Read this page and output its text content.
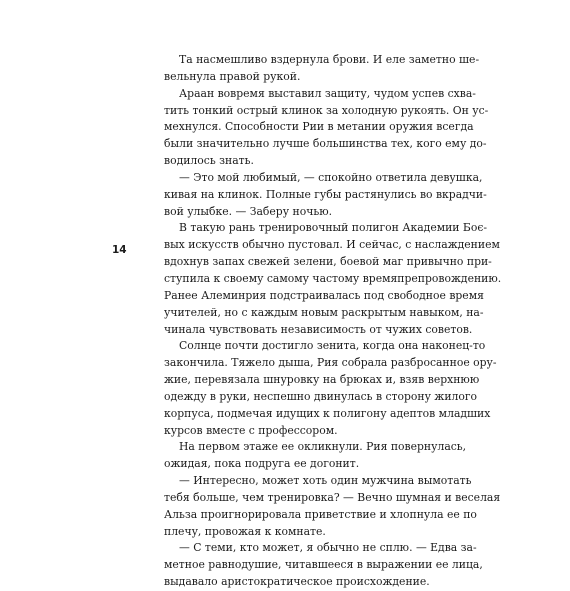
14
Та насмешливо вздернула брови. И еле заметно ше-
вельнула правой рукой.
Араан вовремя выставил защиту, чудом успев схва-
тить тонкий острый клинок за холодную рукоять. Он ус-
мехнулся. Способности Рии в метании оружия всегда
были значительно лучше большинства тех, кого ему до-
водилось знать.
— Это мой любимый, — спокойно ответила девушка,
кивая на клинок. Полные губы растянулись во вкрадчи-
вой улыбке. — Заберу ночью.
В такую рань тренировочный полигон Академии Боє-
вых искусств обычно пустовал. И сейчас, с наслаждением
вдохнув запах свежей зелени, боевой маг привычно при-
ступила к своему самому частому времяпрепровождению.
Ранее Алеминрия подстраивалась под свободное время
учителей, но с каждым новым раскрытым навыком, на-
чинала чувствовать независимость от чужих советов.
Солнце почти достигло зенита, когда она наконец-то
закончила. Тяжело дыша, Рия собрала разбросанное ору-
жие, перевязала шнуровку на брюках и, взяв верхнюю
одежду в руки, неспешно двинулась в сторону жилого
корпуса, подмечая идущих к полигону адептов младших
курсов вместе с профессором.
На первом этаже ее окликнули. Рия повернулась,
ожидая, пока подруга ее догонит.
— Интересно, может хоть один мужчина вымотать
тебя больше, чем тренировка? — Вечно шумная и веселая
Альза проигнорировала приветствие и хлопнула ее по
плечу, провожая к комнате.
— С теми, кто может, я обычно не сплю. — Едва за-
метное равнодушие, читавшееся в выражении ее лица,
выдавало аристократическое происхождение.
